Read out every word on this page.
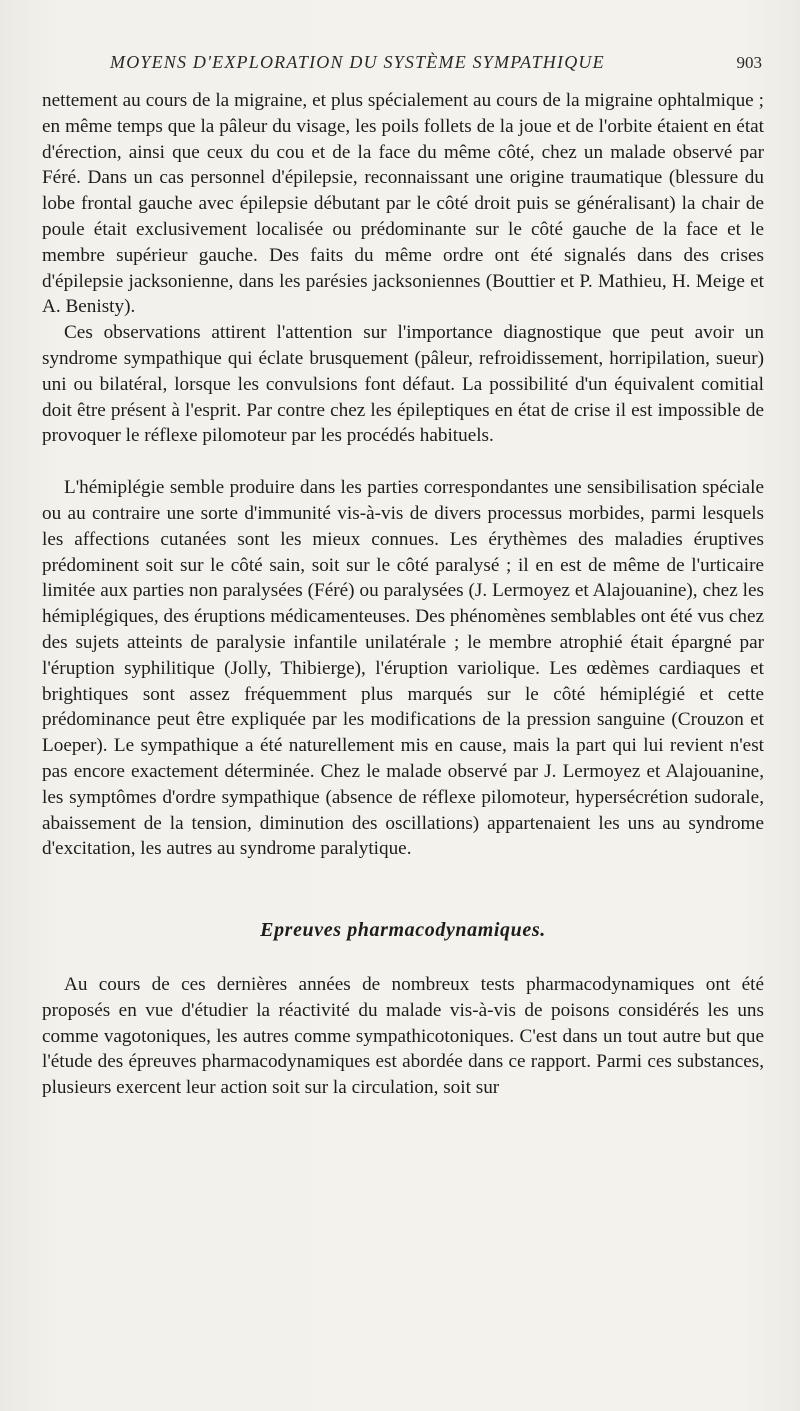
MOYENS D'EXPLORATION DU SYSTÈME SYMPATHIQUE	903

nettement au cours de la migraine, et plus spécialement au cours de la migraine ophtalmique ; en même temps que la pâleur du visage, les poils follets de la joue et de l'orbite étaient en état d'érection, ainsi que ceux du cou et de la face du même côté, chez un malade observé par Féré. Dans un cas personnel d'épilepsie, reconnaissant une origine traumatique (blessure du lobe frontal gauche avec épilepsie débutant par le côté droit puis se généralisant) la chair de poule était exclusivement localisée ou prédominante sur le côté gauche de la face et le membre supérieur gauche. Des faits du même ordre ont été signalés dans des crises d'épilepsie jacksonienne, dans les parésies jacksoniennes (Bouttier et P. Mathieu, H. Meige et A. Benisty).

Ces observations attirent l'attention sur l'importance diagnostique que peut avoir un syndrome sympathique qui éclate brusquement (pâleur, refroidissement, horripilation, sueur) uni ou bilatéral, lorsque les convulsions font défaut. La possibilité d'un équivalent comitial doit être présent à l'esprit. Par contre chez les épileptiques en état de crise il est impossible de provoquer le réflexe pilomoteur par les procédés habituels.

L'hémiplégie semble produire dans les parties correspondantes une sensibilisation spéciale ou au contraire une sorte d'immunité vis-à-vis de divers processus morbides, parmi lesquels les affections cutanées sont les mieux connues. Les érythèmes des maladies éruptives prédominent soit sur le côté sain, soit sur le côté paralysé ; il en est de même de l'urticaire limitée aux parties non paralysées (Féré) ou paralysées (J. Lermoyez et Alajouanine), chez les hémiplégiques, des éruptions médicamenteuses. Des phénomènes semblables ont été vus chez des sujets atteints de paralysie infantile unilatérale ; le membre atrophié était épargné par l'éruption syphilitique (Jolly, Thibierge), l'éruption variolique. Les œdèmes cardiaques et brightiques sont assez fréquemment plus marqués sur le côté hémiplégié et cette prédominance peut être expliquée par les modifications de la pression sanguine (Crouzon et Loeper). Le sympathique a été naturellement mis en cause, mais la part qui lui revient n'est pas encore exactement déterminée. Chez le malade observé par J. Lermoyez et Alajouanine, les symptômes d'ordre sympathique (absence de réflexe pilomoteur, hypersécrétion sudorale, abaissement de la tension, diminution des oscillations) appartenaient les uns au syndrome d'excitation, les autres au syndrome paralytique.

Epreuves pharmacodynamiques.

Au cours de ces dernières années de nombreux tests pharmacodynamiques ont été proposés en vue d'étudier la réactivité du malade vis-à-vis de poisons considérés les uns comme vagotoniques, les autres comme sympathicotoniques. C'est dans un tout autre but que l'étude des épreuves pharmacodynamiques est abordée dans ce rapport. Parmi ces substances, plusieurs exercent leur action soit sur la circulation, soit sur
